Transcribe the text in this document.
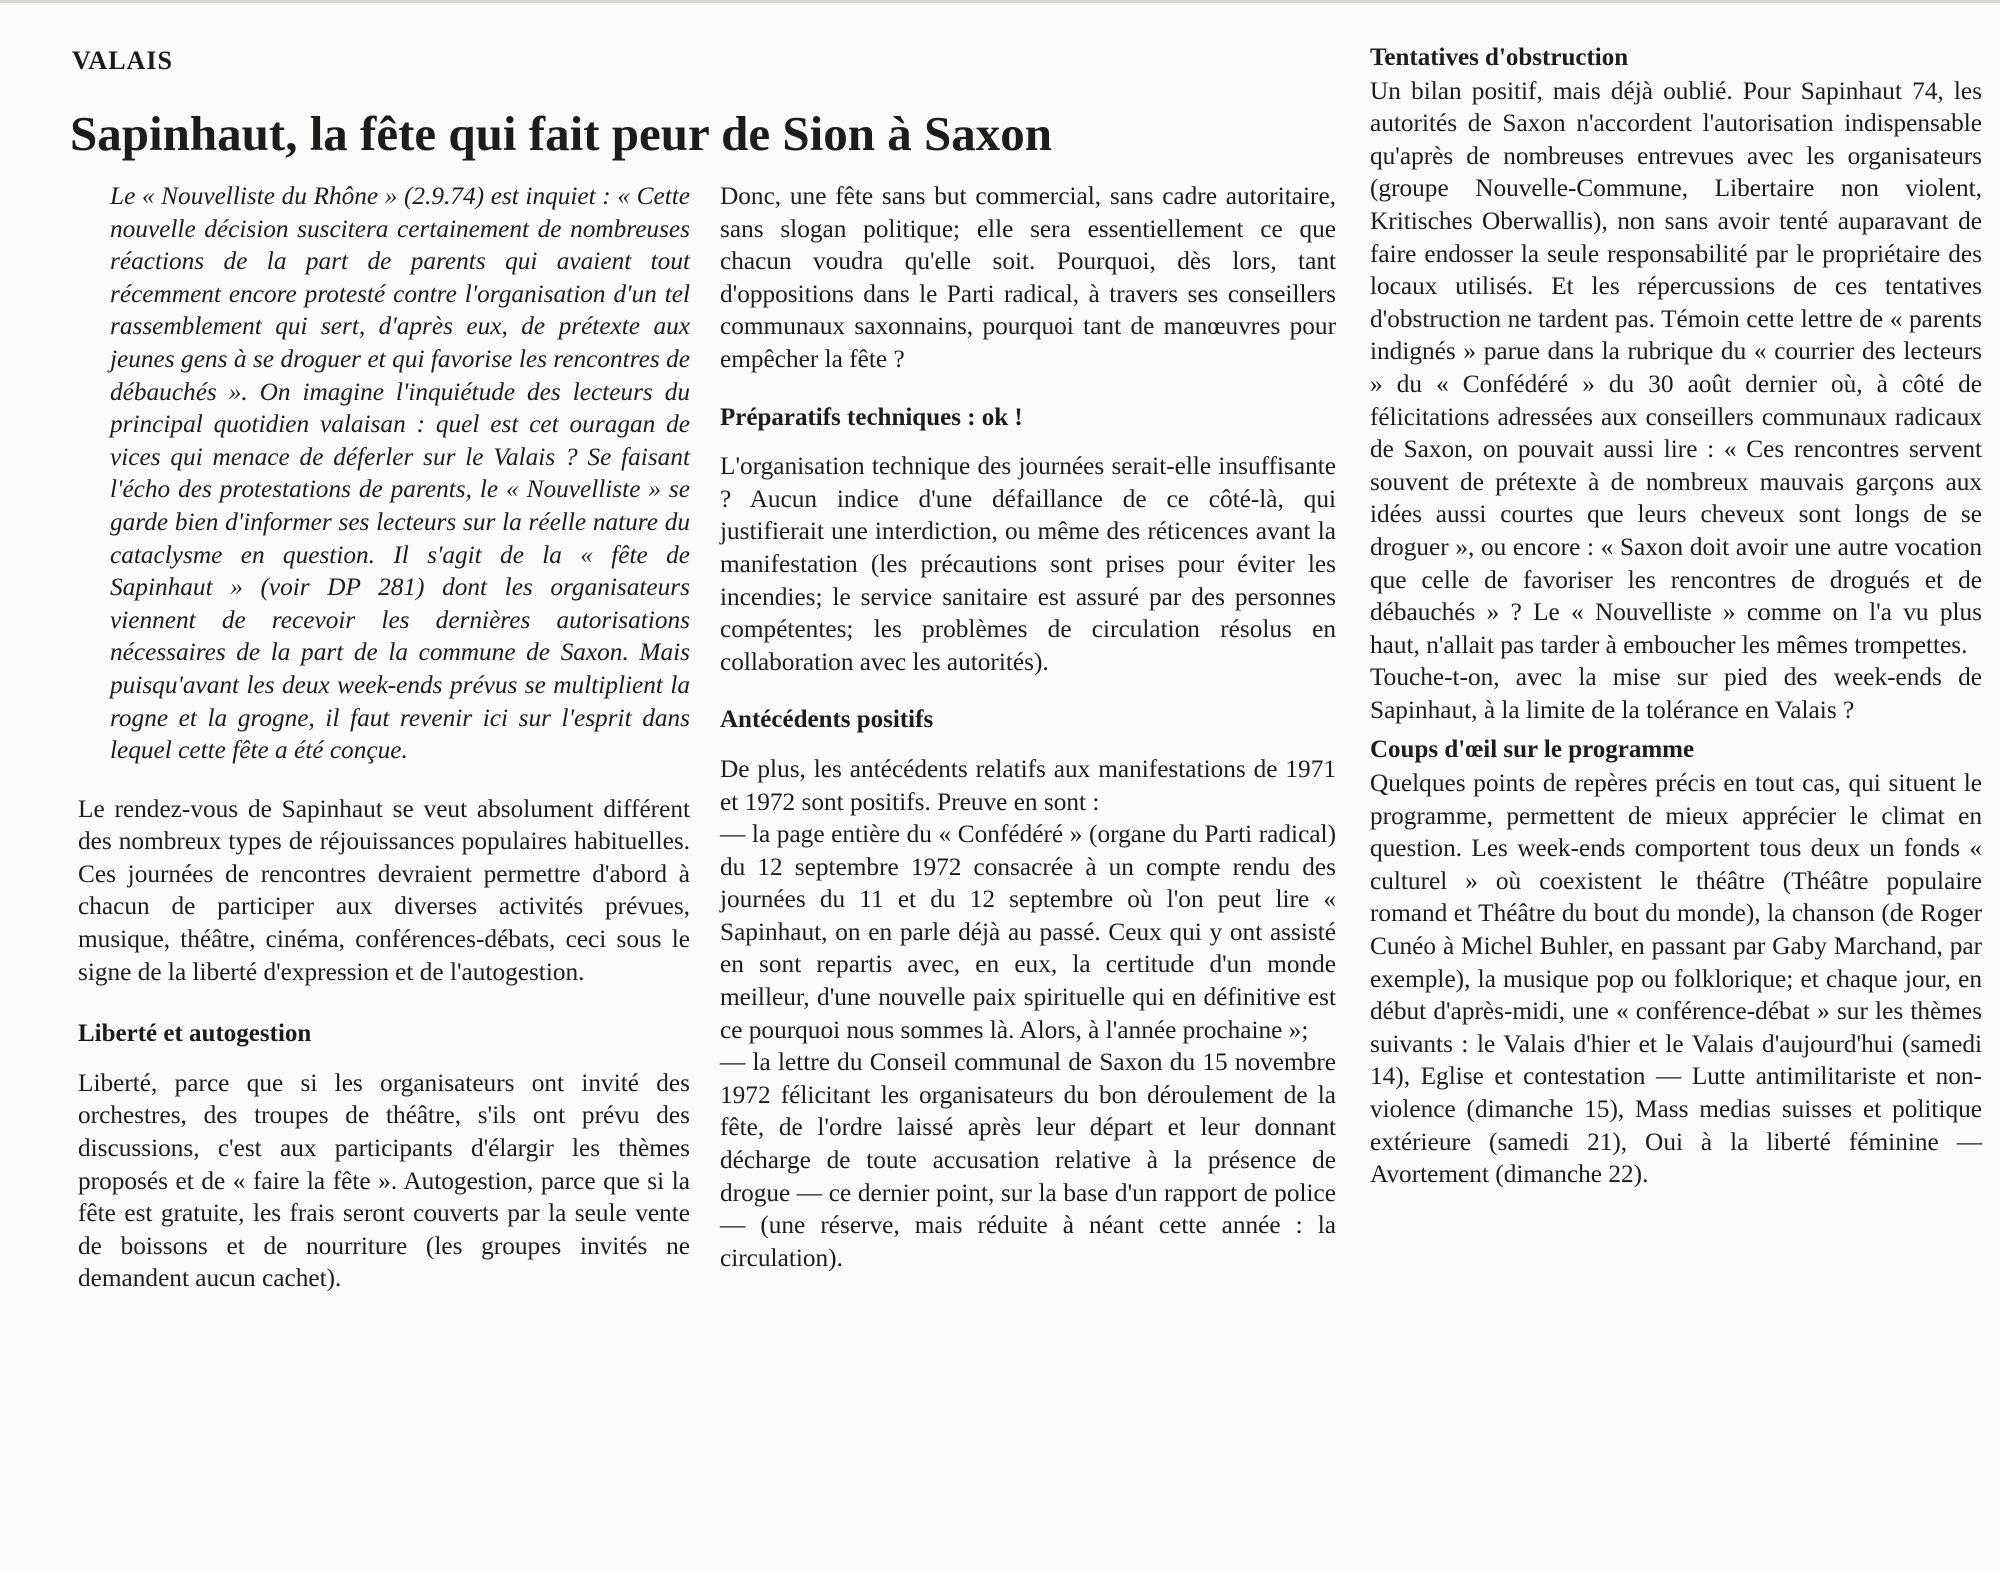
VALAIS
Sapinhaut, la fête qui fait peur de Sion à Saxon

Le « Nouvelliste du Rhône » (2.9.74) est inquiet : « Cette nouvelle décision suscitera certainement de nombreuses réactions de la part de parents qui avaient tout récemment encore protesté contre l'organisation d'un tel rassemblement qui sert, d'après eux, de prétexte aux jeunes gens à se droguer et qui favorise les rencontres de débauchés ». On imagine l'inquiétude des lecteurs du principal quotidien valaisan : quel est cet ouragan de vices qui menace de déferler sur le Valais ? Se faisant l'écho des protestations de parents, le « Nouvelliste » se garde bien d'informer ses lecteurs sur la réelle nature du cataclysme en question. Il s'agit de la « fête de Sapinhaut » (voir DP 281) dont les organisateurs viennent de recevoir les dernières autorisations nécessaires de la part de la commune de Saxon. Mais puisqu'avant les deux week-ends prévus se multiplient la rogne et la grogne, il faut revenir ici sur l'esprit dans lequel cette fête a été conçue.

Le rendez-vous de Sapinhaut se veut absolument différent des nombreux types de réjouissances populaires habituelles. Ces journées de rencontres devraient permettre d'abord à chacun de participer aux diverses activités prévues, musique, théâtre, cinéma, conférences-débats, ceci sous le signe de la liberté d'expression et de l'autogestion.

Liberté et autogestion

Liberté, parce que si les organisateurs ont invité des orchestres, des troupes de théâtre, s'ils ont prévu des discussions, c'est aux participants d'élargir les thèmes proposés et de « faire la fête ». Autogestion, parce que si la fête est gratuite, les frais seront couverts par la seule vente de boissons et de nourriture (les groupes invités ne demandent aucun cachet).

Donc, une fête sans but commercial, sans cadre autoritaire, sans slogan politique; elle sera essentiellement ce que chacun voudra qu'elle soit. Pourquoi, dès lors, tant d'oppositions dans le Parti radical, à travers ses conseillers communaux saxonnains, pourquoi tant de manœuvres pour empêcher la fête ?

Préparatifs techniques : ok !

L'organisation technique des journées serait-elle insuffisante ? Aucun indice d'une défaillance de ce côté-là, qui justifierait une interdiction, ou même des réticences avant la manifestation (les précautions sont prises pour éviter les incendies; le service sanitaire est assuré par des personnes compétentes; les problèmes de circulation résolus en collaboration avec les autorités).

Antécédents positifs

De plus, les antécédents relatifs aux manifestations de 1971 et 1972 sont positifs. Preuve en sont :

— la page entière du « Confédéré » (organe du Parti radical) du 12 septembre 1972 consacrée à un compte rendu des journées du 11 et du 12 septembre où l'on peut lire « Sapinhaut, on en parle déjà au passé. Ceux qui y ont assisté en sont repartis avec, en eux, la certitude d'un monde meilleur, d'une nouvelle paix spirituelle qui en définitive est ce pourquoi nous sommes là. Alors, à l'année prochaine »;

— la lettre du Conseil communal de Saxon du 15 novembre 1972 félicitant les organisateurs du bon déroulement de la fête, de l'ordre laissé après leur départ et leur donnant décharge de toute accusation relative à la présence de drogue — ce dernier point, sur la base d'un rapport de police — (une réserve, mais réduite à néant cette année : la circulation).

Tentatives d'obstruction

Un bilan positif, mais déjà oublié. Pour Sapinhaut 74, les autorités de Saxon n'accordent l'autorisation indispensable qu'après de nombreuses entrevues avec les organisateurs (groupe Nouvelle-Commune, Libertaire non violent, Kritisches Oberwallis), non sans avoir tenté auparavant de faire endosser la seule responsabilité par le propriétaire des locaux utilisés. Et les répercussions de ces tentatives d'obstruction ne tardent pas. Témoin cette lettre de « parents indignés » parue dans la rubrique du « courrier des lecteurs » du « Confédéré » du 30 août dernier où, à côté de félicitations adressées aux conseillers communaux radicaux de Saxon, on pouvait aussi lire : « Ces rencontres servent souvent de prétexte à de nombreux mauvais garçons aux idées aussi courtes que leurs cheveux sont longs de se droguer », ou encore : « Saxon doit avoir une autre vocation que celle de favoriser les rencontres de drogués et de débauchés » ? Le « Nouvelliste » comme on l'a vu plus haut, n'allait pas tarder à emboucher les mêmes trompettes.

Touche-t-on, avec la mise sur pied des week-ends de Sapinhaut, à la limite de la tolérance en Valais ?

Coups d'œil sur le programme

Quelques points de repères précis en tout cas, qui situent le programme, permettent de mieux apprécier le climat en question. Les week-ends comportent tous deux un fonds « culturel » où coexistent le théâtre (Théâtre populaire romand et Théâtre du bout du monde), la chanson (de Roger Cunéo à Michel Buhler, en passant par Gaby Marchand, par exemple), la musique pop ou folklorique; et chaque jour, en début d'après-midi, une « conférence-débat » sur les thèmes suivants : le Valais d'hier et le Valais d'aujourd'hui (samedi 14), Eglise et contestation — Lutte antimilitariste et non-violence (dimanche 15), Mass medias suisses et politique extérieure (samedi 21), Oui à la liberté féminine — Avortement (dimanche 22).
